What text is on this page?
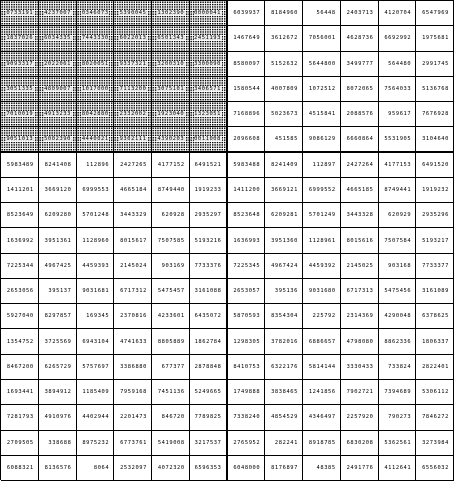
0733191 4237007 0346073 5390045 1302390 0000041 6039937 8184960	56448 2403713 4120704 6547969
1837026 6034335 7443330 6022013 6501343 2451193 1467649 3612672 7056001 4628736 6692992 1975681
9093317 2022061 8020051 9337321 3200310 3300090 8580097 5152632 5644800 3499777	564480 2991745
3051335 4809007 1017000 7113200 3075101 3406571 1580544 4007809 1072512 8072065 7564033 5136768
7010019 4913233 8042880 2332002 1923040 1323051 7168896 5023673 4515841 2088576	959617 7676928
9051013 5002390 4440021 9302111 4390203 0011008 2096608	451585 9086129 6660864 5531905 3104640
5983489 8241408	112896 2427265 4177152 6491521 5983488 8241409	112897 2427264 4177153 6491520
1411201 3669120 6999553 4665184 8749440 1919233 1411200 3669121 6999552 4665185 8749441 1919232
8523649 6209280 5701248 3443329	620928 2935297 8523648 6209281 5701249 3443328	620929 2935296
1636992 3951361 1128960 8015617 7507585 5193216 1636993 3951360 1128961 8015616 7507584 5193217
7225344 4967425 4459393 2145024	903169 7733376 7225345 4967424 4459392 2145025	903168 7733377
2653056	395137 9031681 6717312 5475457 3161088 2653057	395136 9031680 6717313 5475456 3161089
5927040 8297857	169345 2370816 4233601 6435072 5870593 8354304	225792 2314369 4290048 6378625
1354752 3725569 6943104 4741633 8805889 1862784 1298305 3782016 6886657 4798080 8862336 1806337
8467200 6265729 5757697 3386880	677377 2878848 8410753 6322176 5814144 3330433	733824 2822401
1693441 3894912 1185409 7959168 7451136 5249665 1749888 3838465 1241856 7902721 7394689 5306112
7281793 4910976 4402944 2201473	846720 7789825 7338240 4854529 4346497 2257920	790273 7846272
2709505	338688 8975232 6773761 5419008 3217537 2765952	282241 8918785 6830208 5362561 3273984
6088321 8136576	8064 2532097 4072320 6596353 6048000 8176897	48385 2491776 4112641 6556032
